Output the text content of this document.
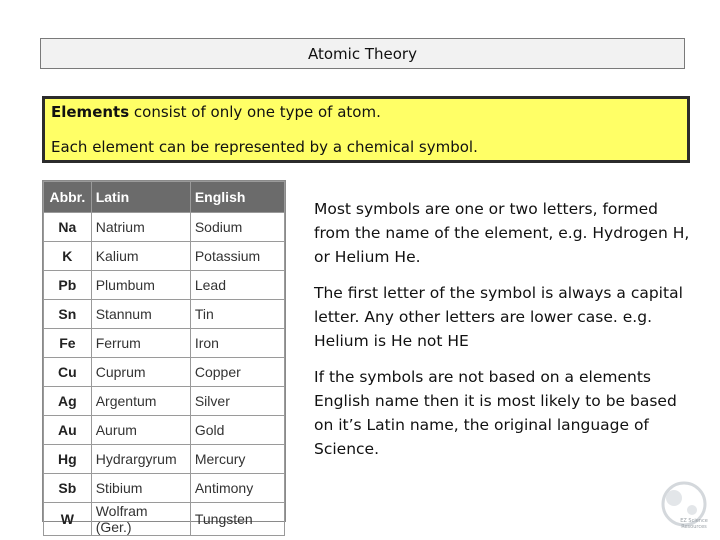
Atomic Theory

Elements consist of only one type of atom.

Each element can be represented by a chemical symbol.

Abbr.	Latin	English
Na	Natrium	Sodium
K	Kalium	Potassium
Pb	Plumbum	Lead
Sn	Stannum	Tin
Fe	Ferrum	Iron
Cu	Cuprum	Copper
Ag	Argentum	Silver
Au	Aurum	Gold
Hg	Hydrargyrum	Mercury
Sb	Stibium	Antimony
W	Wolfram (Ger.)	Tungsten

Most symbols are one or two letters, formed from the name of the element, e.g. Hydrogen H, or Helium He.

The first letter of the symbol is always a capital letter. Any other letters are lower case. e.g. Helium is He not HE

If the symbols are not based on a elements English name then it is most likely to be based on it’s Latin name, the original language of Science.

EZ Science Resources
